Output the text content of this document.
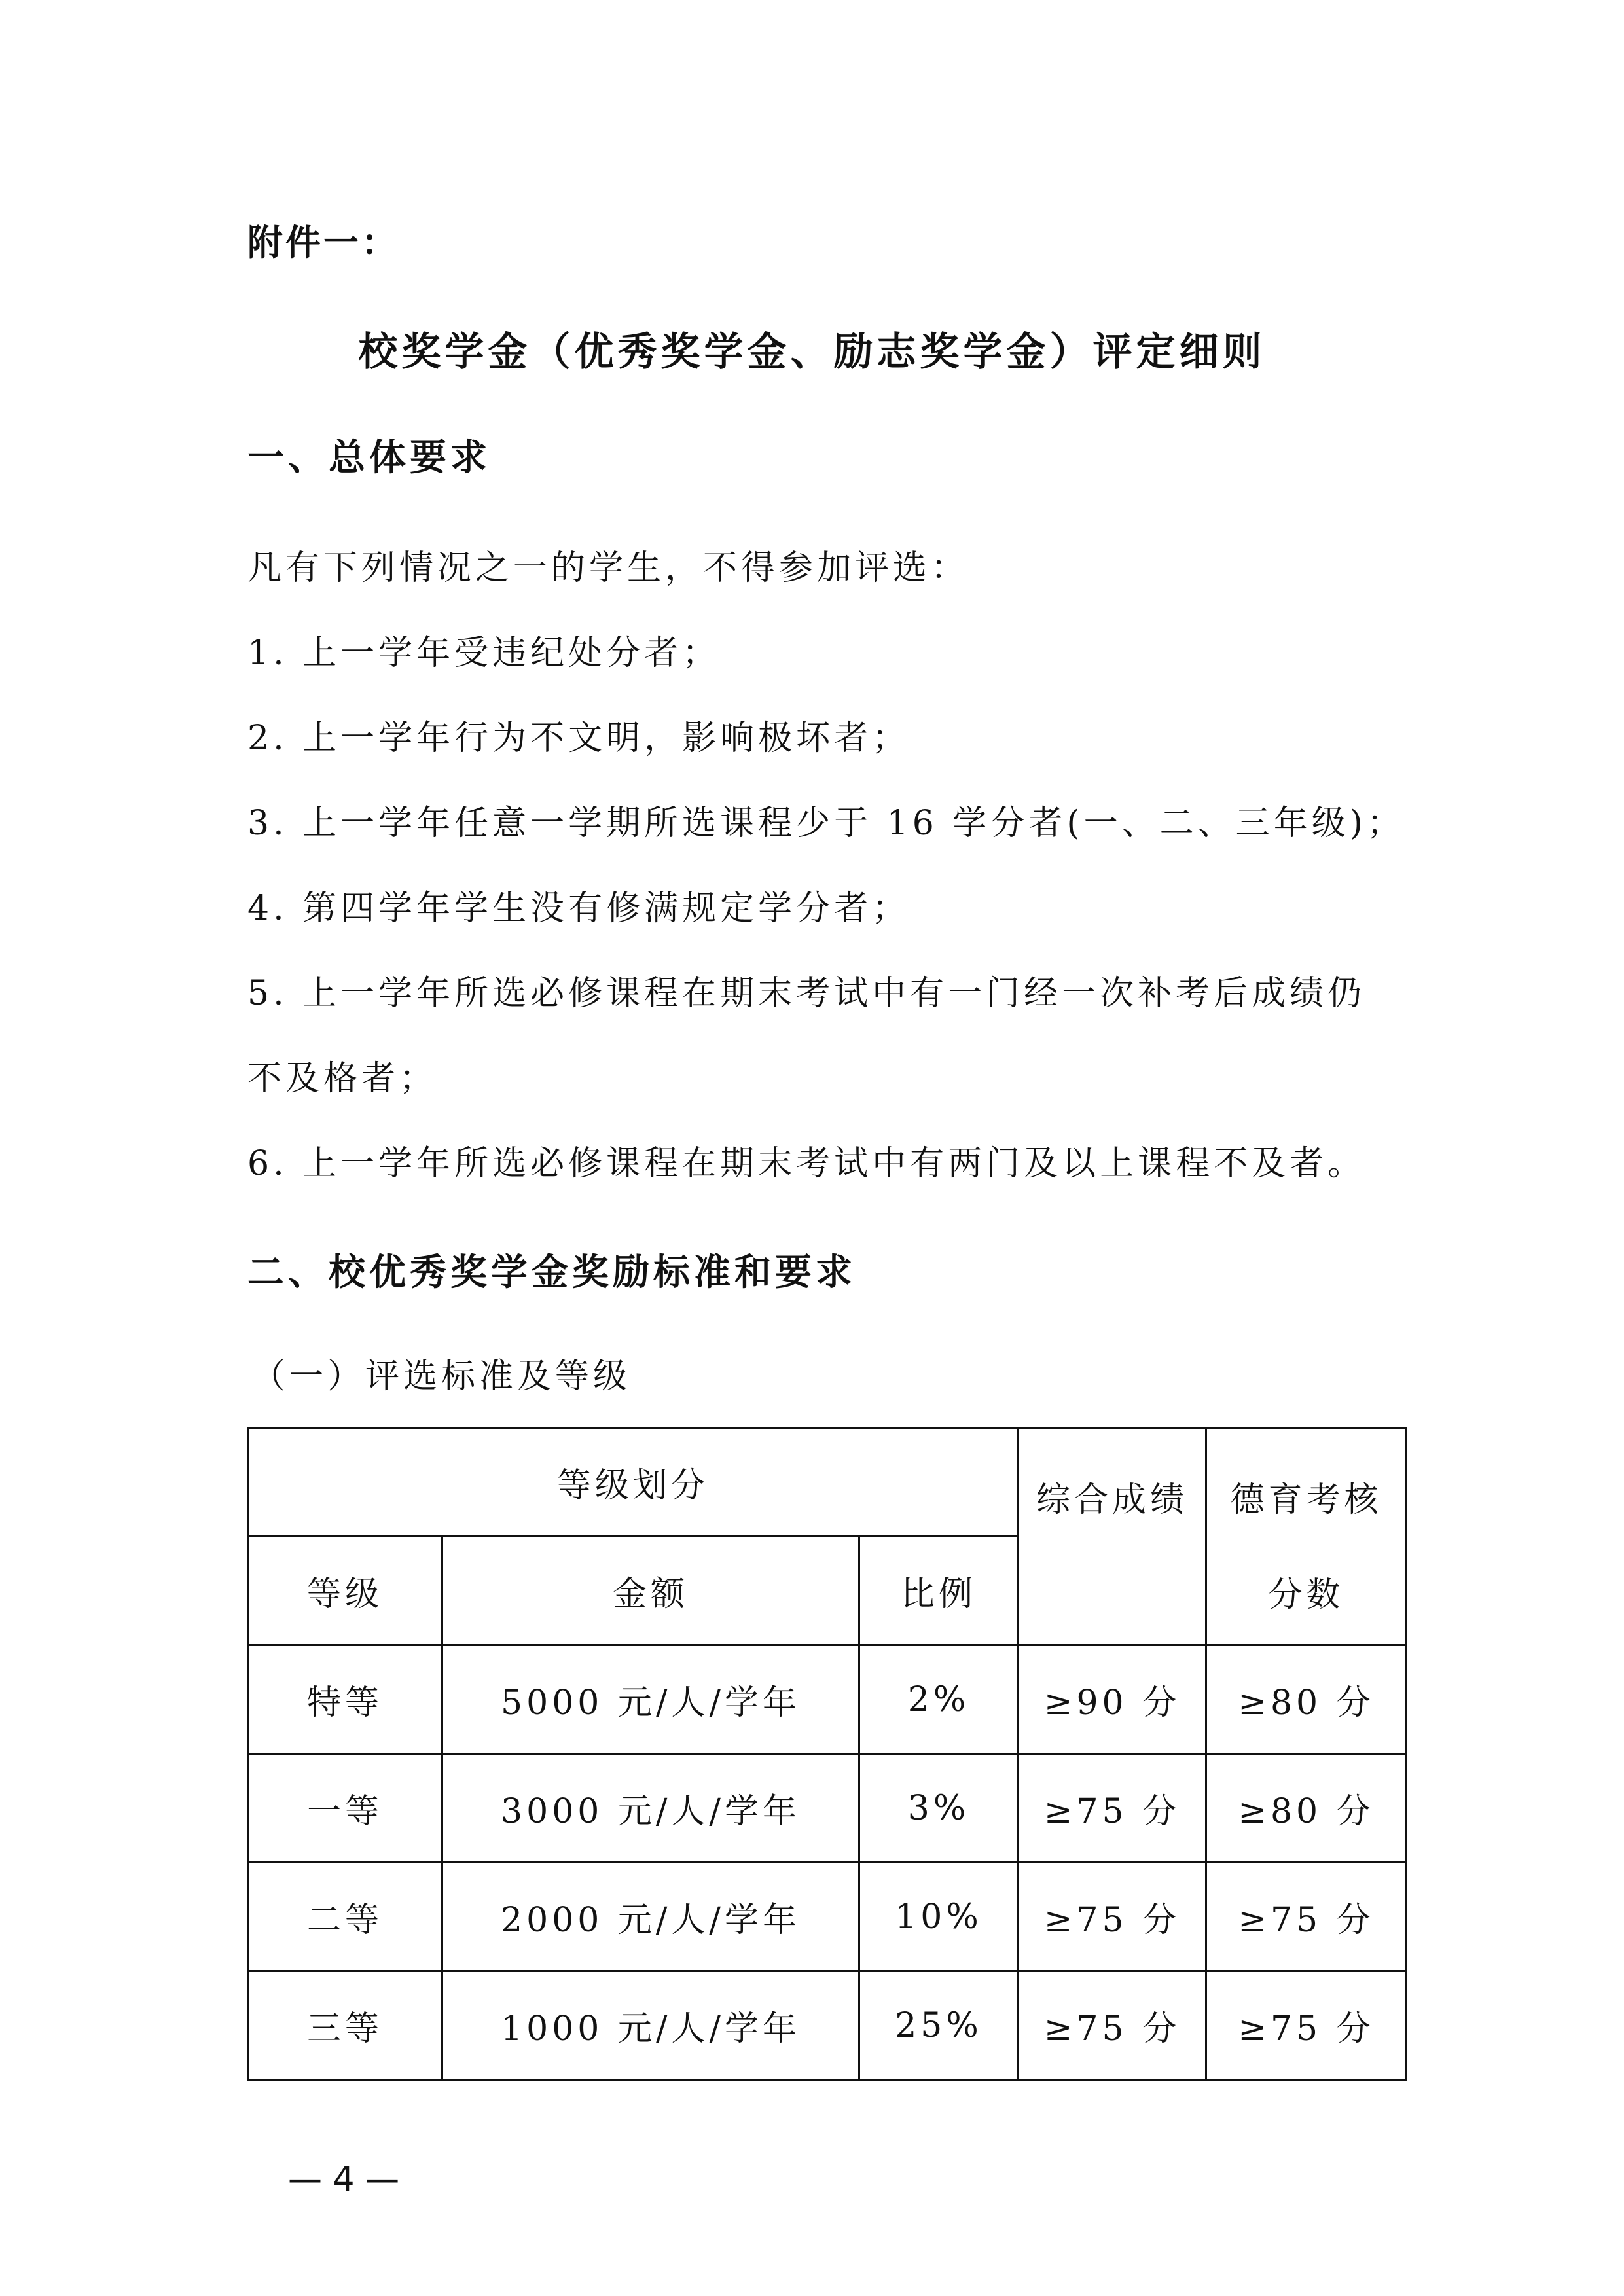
附件一：
校奖学金（优秀奖学金、励志奖学金）评定细则
一、总体要求
凡有下列情况之一的学生，不得参加评选：
1. 上一学年受违纪处分者；
2. 上一学年行为不文明，影响极坏者；
3. 上一学年任意一学期所选课程少于 16 学分者(一、二、三年级)；
4. 第四学年学生没有修满规定学分者；
5. 上一学年所选必修课程在期末考试中有一门经一次补考后成绩仍
不及格者；
6. 上一学年所选必修课程在期末考试中有两门及以上课程不及者。
二、校优秀奖学金奖励标准和要求
（一）评选标准及等级
等级划分			综合成绩	德育考核
分数

等级	金额	比例		
特等	5000 元/人/学年	2%	≥90 分	≥80 分
一等	3000 元/人/学年	3%	≥75 分	≥80 分
二等	2000 元/人/学年	10%	≥75 分	≥75 分
三等	1000 元/人/学年	25%	≥75 分	≥75 分
— 4 —
